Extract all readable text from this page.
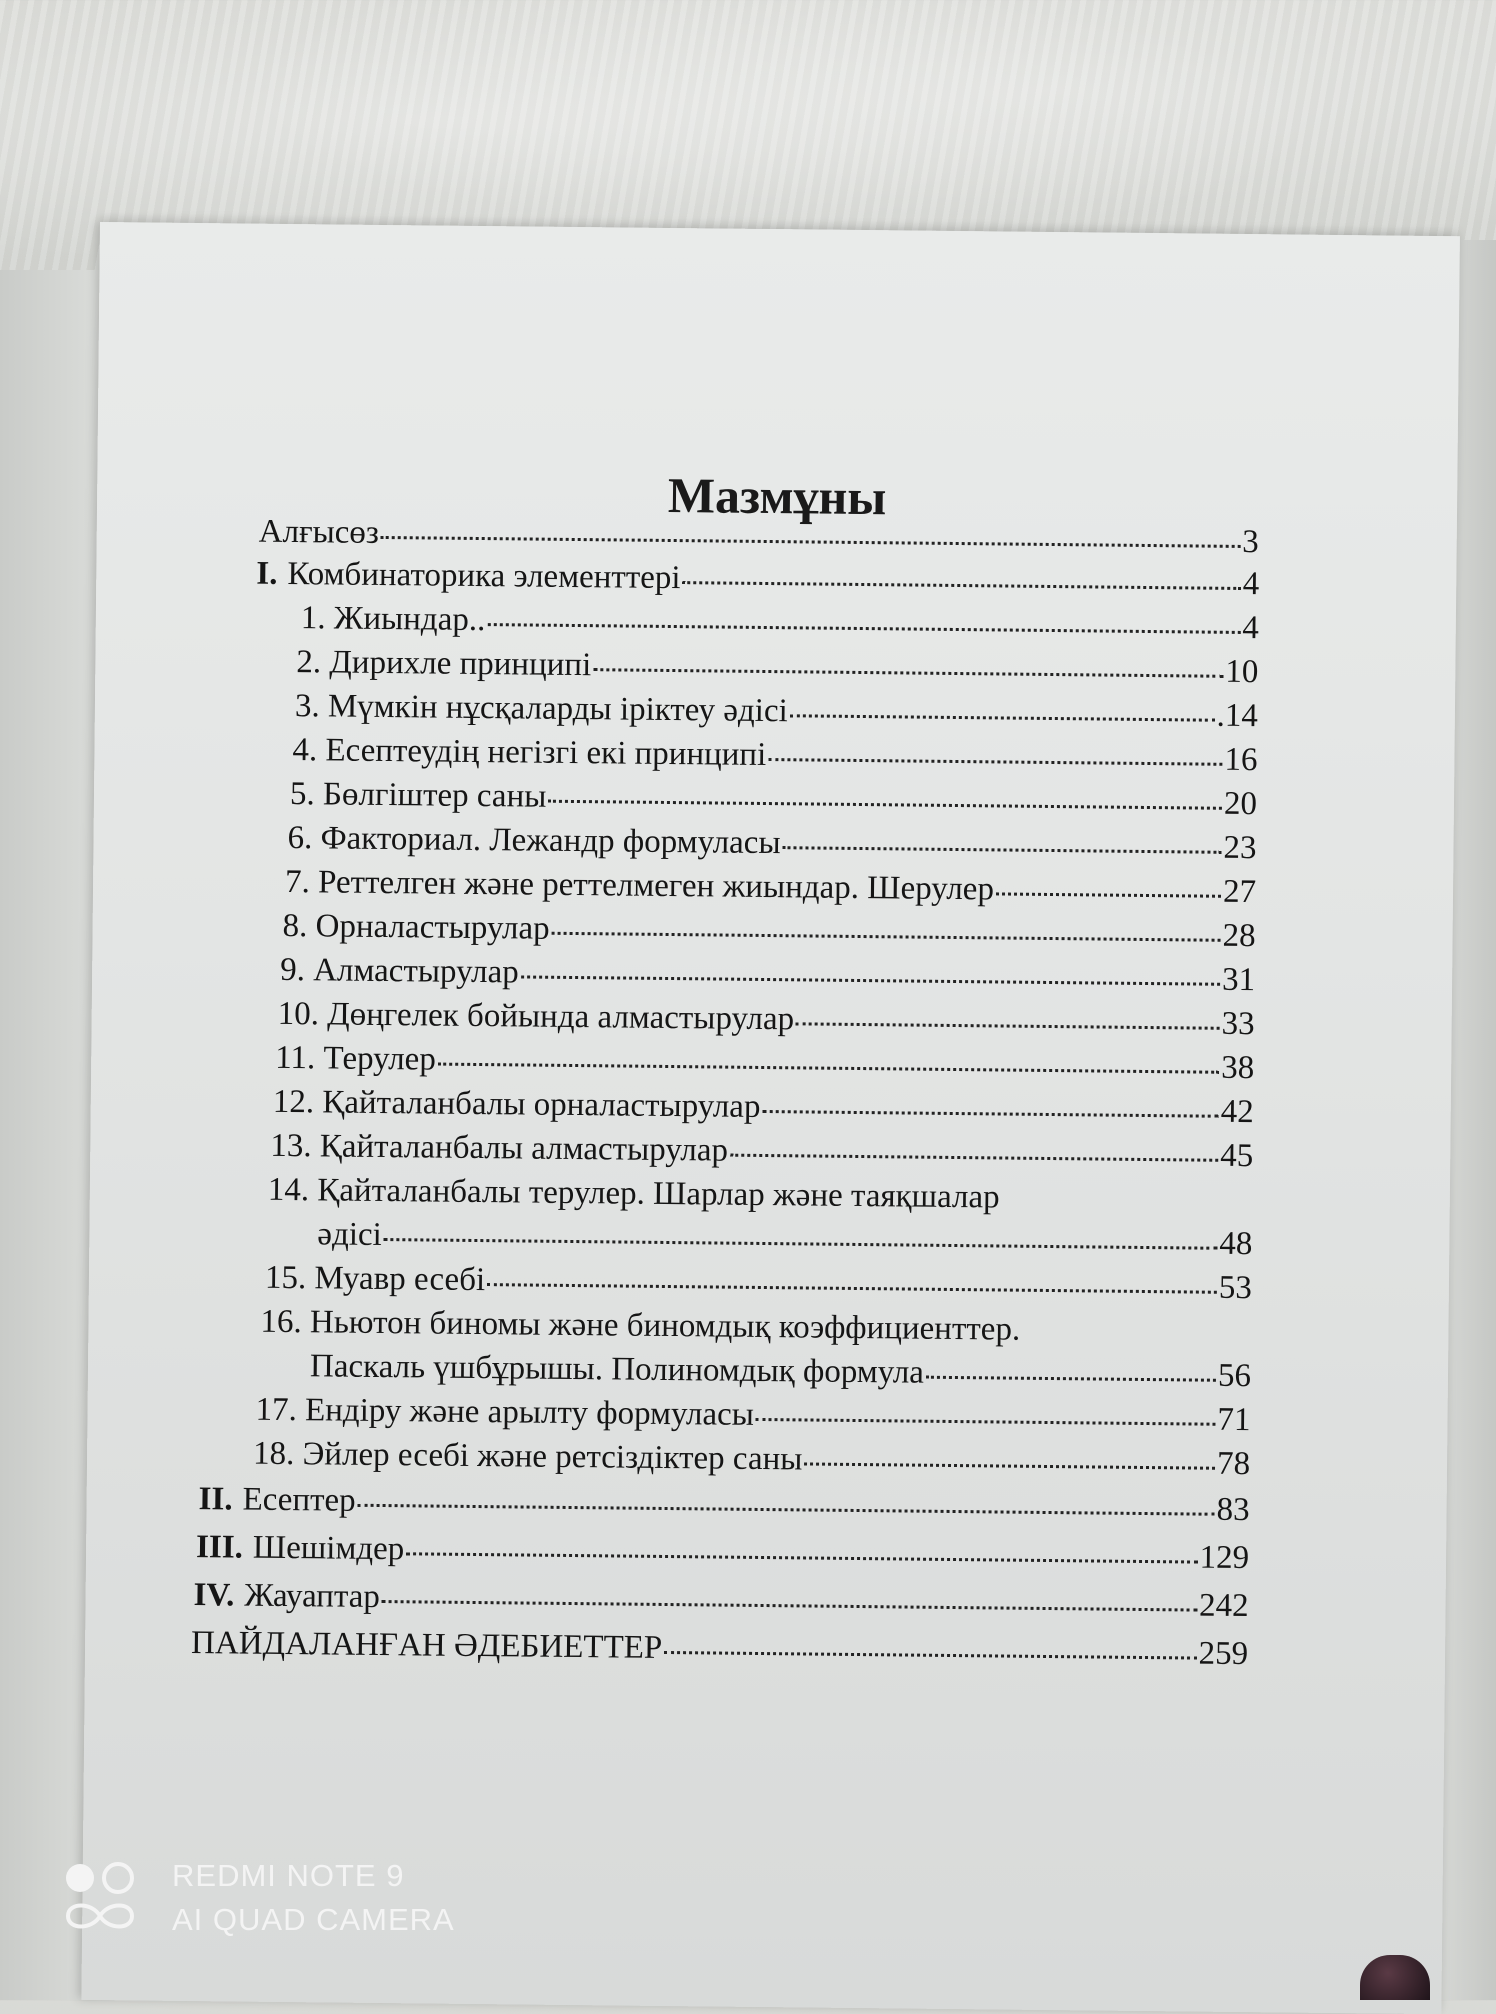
Мазмұны
Алғысөз	3
I. Комбинаторика элементтері	4
1. Жиындар..	4
2. Дирихле принципі	10
3. Мүмкін нұсқаларды іріктеу әдісі	.14
4. Есептеудің негізгі екі принципі	16
5. Бөлгіштер саны	20
6. Факториал. Лежандр формуласы	23
7. Реттелген және реттелмеген жиындар. Шерулер	27
8. Орналастырулар	28
9. Алмастырулар	31
10. Дөңгелек бойында алмастырулар	33
11. Терулер	38
12. Қайталанбалы орналастырулар	42
13. Қайталанбалы алмастырулар	45
14. Қайталанбалы терулер. Шарлар және таяқшалар
әдісі	48
15. Муавр есебі	53
16. Ньютон биномы және биномдық коэффициенттер.
Паскаль үшбұрышы. Полиномдық формула	56
17. Ендіру және арылту формуласы	71
18. Эйлер есебі және ретсіздіктер саны	78
II. Есептер	83
III. Шешімдер	129
IV. Жауаптар	242
ПАЙДАЛАНҒАН ӘДЕБИЕТТЕР	259
REDMI NOTE 9
AI QUAD CAMERA
